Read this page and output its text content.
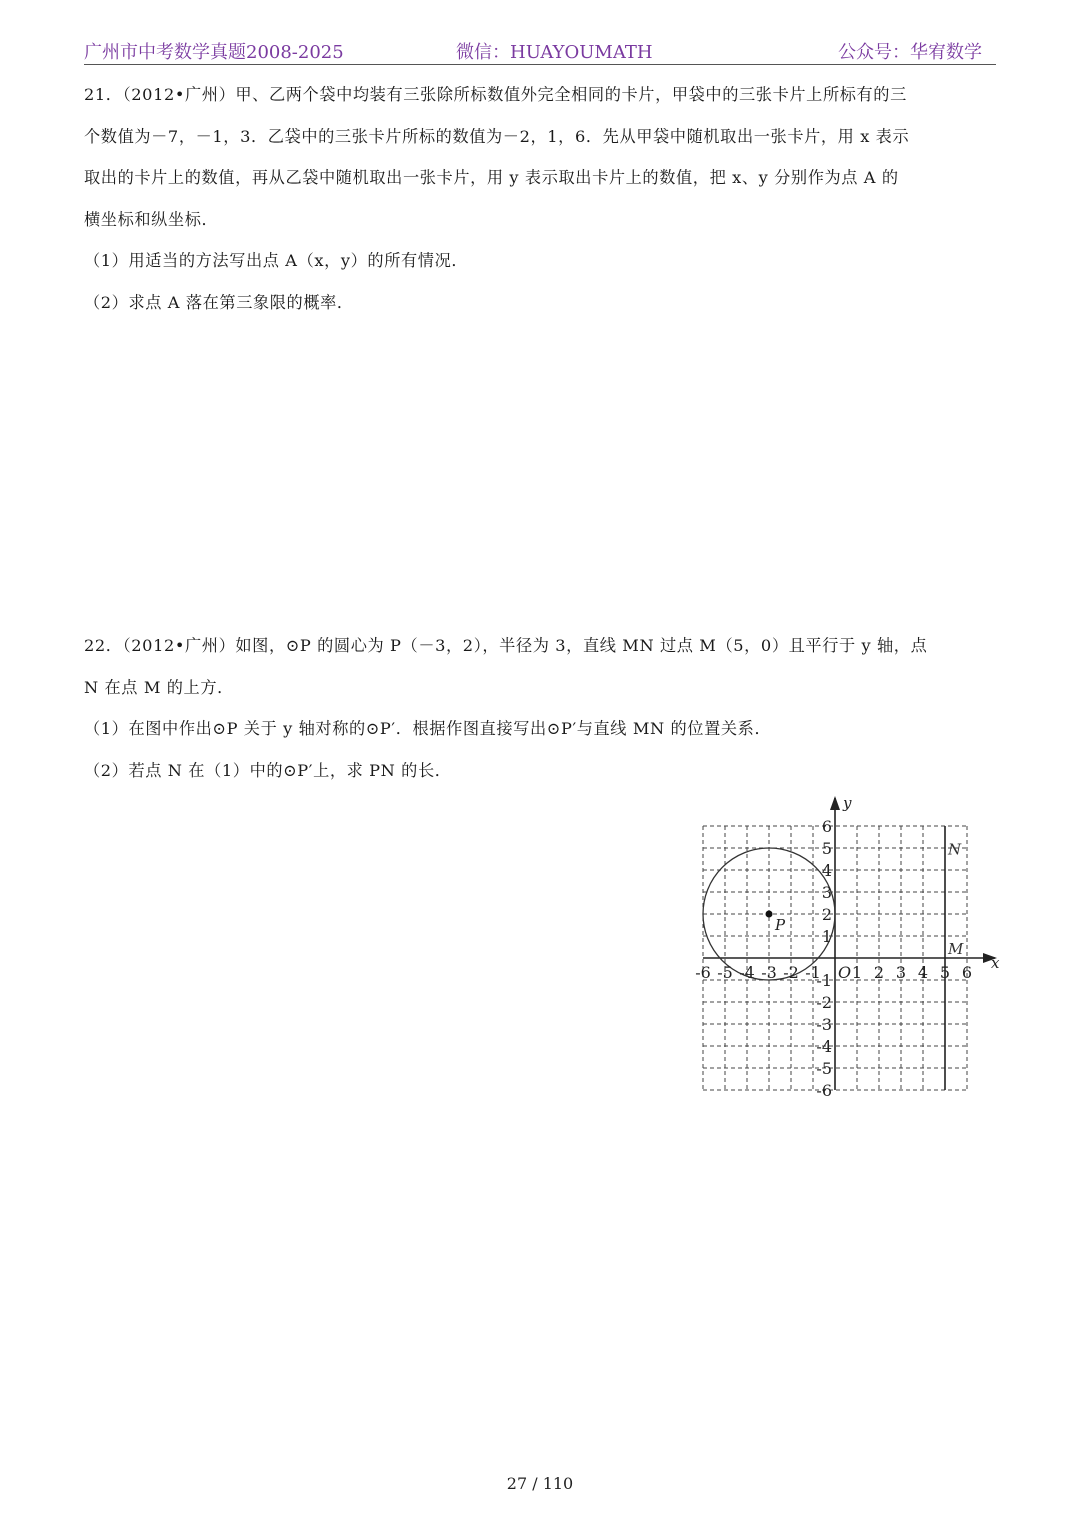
广州市中考数学真题2008-2025	微信：HUAYOUMATH	公众号：华宥数学

21．（2012•广州）甲、乙两个袋中均装有三张除所标数值外完全相同的卡片，甲袋中的三张卡片上所标有的三

个数值为－7，－1，3．乙袋中的三张卡片所标的数值为－2，1，6．先从甲袋中随机取出一张卡片，用 x 表示

取出的卡片上的数值，再从乙袋中随机取出一张卡片，用 y 表示取出卡片上的数值，把 x、y 分别作为点 A 的

横坐标和纵坐标．

（1）用适当的方法写出点 A（x，y）的所有情况．

（2）求点 A 落在第三象限的概率．

22．（2012•广州）如图，⊙P 的圆心为 P（－3，2），半径为 3，直线 MN 过点 M（5，0）且平行于 y 轴，点

N 在点 M 的上方．

（1）在图中作出⊙P 关于 y 轴对称的⊙P′．根据作图直接写出⊙P′与直线 MN 的位置关系．

（2）若点 N 在（1）中的⊙P′上，求 PN 的长．

x
y
P
-6 -5 -4 -3 -2 -1 1 2 3 4 5 6
6
5
4
3
2
1
-1
-2
-3
-4
-5
-6
O
N
M
27 / 110
